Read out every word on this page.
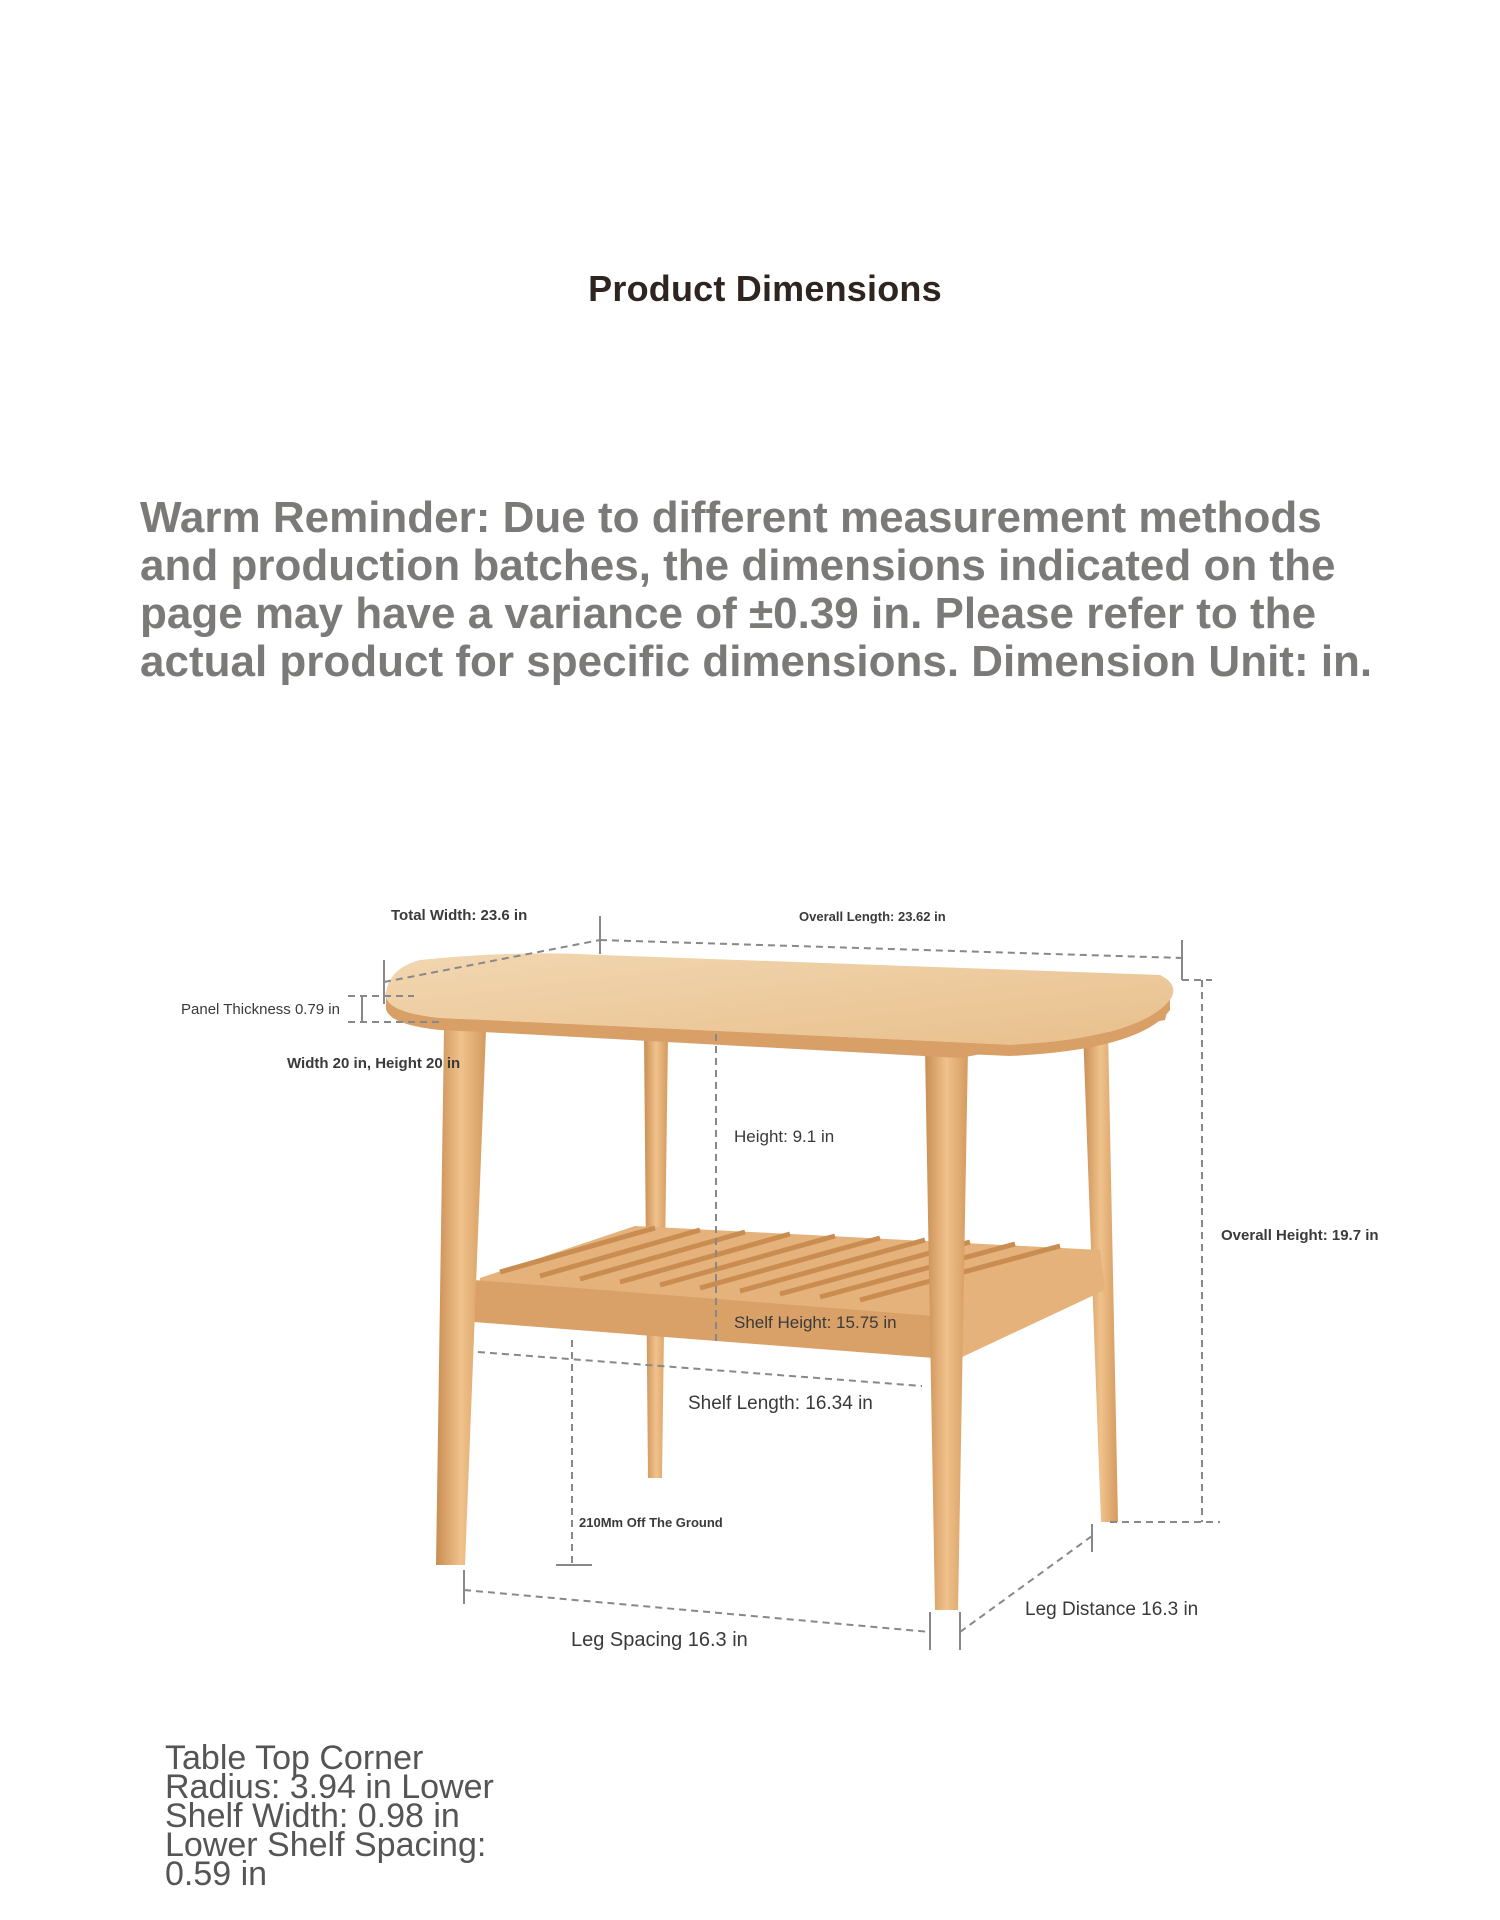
Product Dimensions
Warm Reminder: Due to different measurement methods and production batches, the dimensions indicated on the page may have a variance of ±0.39 in. Please refer to the actual product for specific dimensions. Dimension Unit: in.
Total Width: 23.6 in	Overall Length: 23.62 in
Panel Thickness 0.79 in
Width 20 in, Height 20 in
Height: 9.1 in
Overall Height: 19.7 in
Shelf Height: 15.75 in
Shelf Length: 16.34 in
210Mm Off The Ground
Leg Distance 16.3 in
Leg Spacing 16.3 in
Table Top Corner Radius: 3.94 in Lower Shelf Width: 0.98 in Lower Shelf Spacing: 0.59 in
